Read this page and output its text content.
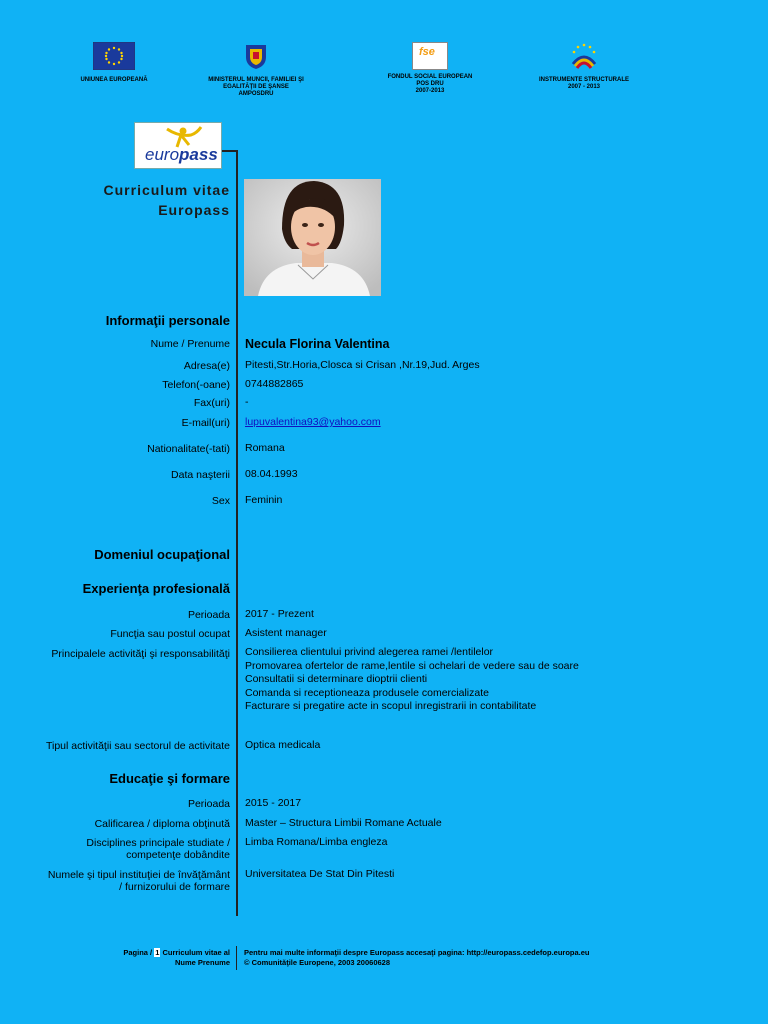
UNIUNEA EUROPEANĂ	MINISTERUL MUNCII, FAMILIEI ŞI
EGALITĂŢII DE ŞANSE
AMPOSDRU
fse
FONDUL SOCIAL EUROPEAN
POS DRU
2007-2013
INSTRUMENTE STRUCTURALE
2007 - 2013
europass
Curriculum vitae
Europass
Informaţii personale
Nume / Prenume Necula Florina Valentina
Adresa(e) Pitesti,Str.Horia,Closca si Crisan ,Nr.19,Jud. Arges
Telefon(-oane) 0744882865
Fax(uri) -
E-mail(uri) lupuvalentina93@yahoo.com
Nationalitate(-tati) Romana
Data naşterii 08.04.1993
Sex Feminin
Domeniul ocupaţional
Experienţa profesională
Perioada 2017 - Prezent
Funcţia sau postul ocupat Asistent manager
Principalele activităţi şi responsabilităţi Consilierea clientului privind alegerea ramei /lentilelor
Promovarea ofertelor de rame,lentile si ochelari de vedere sau de soare
Consultatii si determinare dioptrii clienti
Comanda si receptioneaza produsele comercializate
Facturare si pregatire acte in scopul inregistrarii in contabilitate
Tipul activităţii sau sectorul de activitate Optica medicala
Educaţie şi formare
Perioada 2015 - 2017
Calificarea / diploma obţinută Master – Structura Limbii Romane Actuale
Disciplines principale studiate /
competenţe dobândite
Limba Romana/Limba engleza
Numele şi tipul instituţiei de învăţământ
/ furnizorului de formare
Universitatea De Stat Din Pitesti
Pagina / 1 Curriculum vitae al
Nume Prenume
Pentru mai multe informaţii despre Europass accesaţi pagina: http://europass.cedefop.europa.eu
© Comunităţile Europene, 2003 20060628
